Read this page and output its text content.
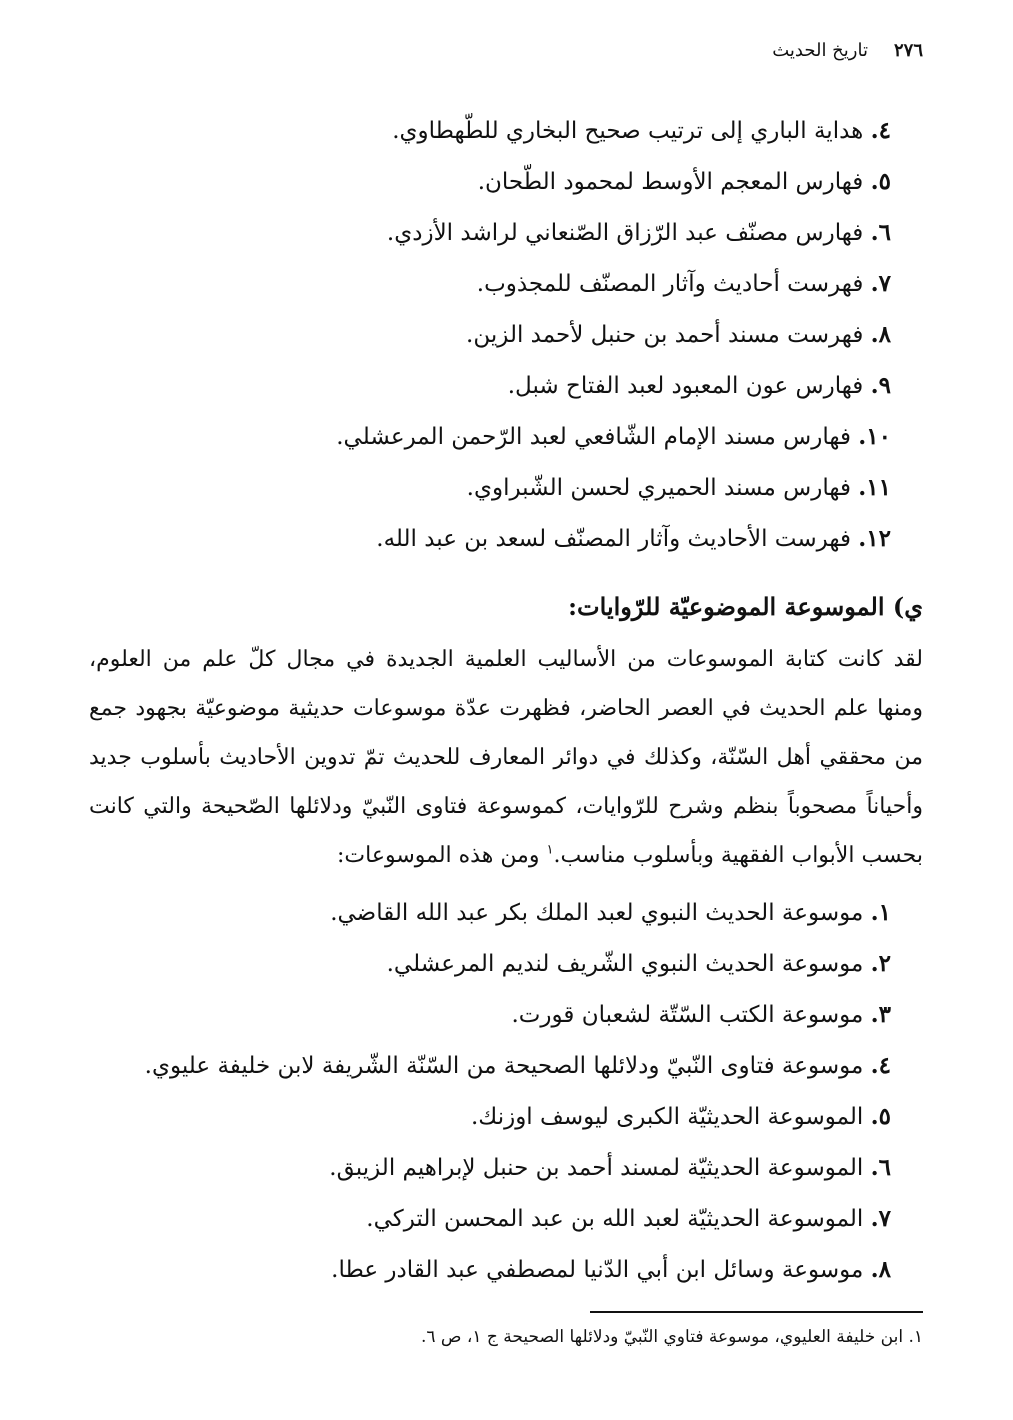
٢٧٦
تاريخ الحديث
٤. هداية الباري إلى ترتيب صحيح البخاري للطّهطاوي.
٥. فهارس المعجم الأوسط لمحمود الطّحان.
٦. فهارس مصنّف عبد الرّزاق الصّنعاني لراشد الأزدي.
٧. فهرست أحاديث وآثار المصنّف للمجذوب.
٨. فهرست مسند أحمد بن حنبل لأحمد الزين.
٩. فهارس عون المعبود لعبد الفتاح شبل.
١٠. فهارس مسند الإمام الشّافعي لعبد الرّحمن المرعشلي.
١١. فهارس مسند الحميري لحسن الشّبراوي.
١٢. فهرست الأحاديث وآثار المصنّف لسعد بن عبد الله.
ي) الموسوعة الموضوعيّة للرّوايات:

لقد كانت كتابة الموسوعات من الأساليب العلمية الجديدة في مجال كلّ علم من العلوم، ومنها علم الحديث في العصر الحاضر، فظهرت عدّة موسوعات حديثية موضوعيّة بجهود جمع من محققي أهل السّنّة، وكذلك في دوائر المعارف للحديث تمّ تدوين الأحاديث بأسلوب جديد وأحياناً مصحوباً بنظم وشرح للرّوايات، كموسوعة فتاوى النّبيّ ودلائلها الصّحيحة والتي كانت بحسب الأبواب الفقهية وبأسلوب مناسب.$^١$ ومن هذه الموسوعات:

١. موسوعة الحديث النبوي لعبد الملك بكر عبد الله القاضي.
٢. موسوعة الحديث النبوي الشّريف لنديم المرعشلي.
٣. موسوعة الكتب السّتّة لشعبان قورت.
٤. موسوعة فتاوى النّبيّ ودلائلها الصحيحة من السّنّة الشّريفة لابن خليفة عليوي.
٥. الموسوعة الحديثيّة الكبرى ليوسف اوزنك.
٦. الموسوعة الحديثيّة لمسند أحمد بن حنبل لإبراهيم الزيبق.
٧. الموسوعة الحديثيّة لعبد الله بن عبد المحسن التركي.
٨. موسوعة وسائل ابن أبي الدّنيا لمصطفي عبد القادر عطا.

١. ابن خليفة العليوي، موسوعة فتاوي النّبيّ ودلائلها الصحيحة ج ١، ص ٦.
